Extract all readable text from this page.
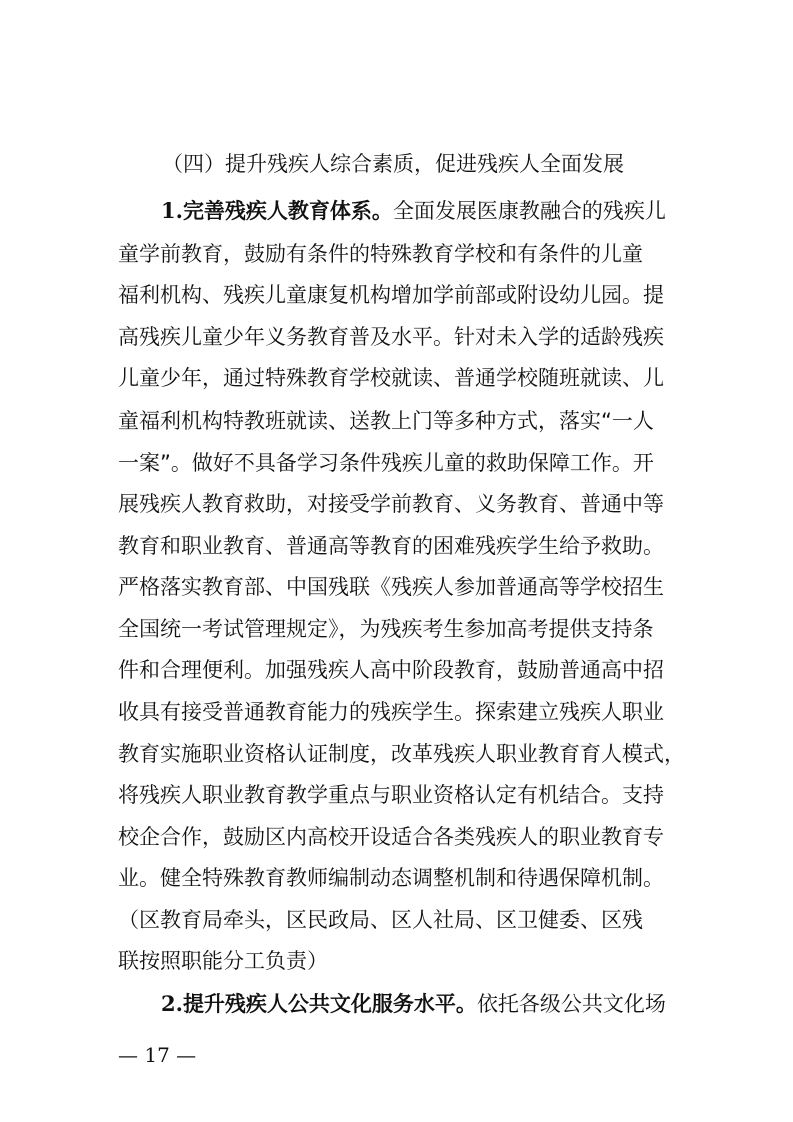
（四）提升残疾人综合素质，促进残疾人全面发展
1.完善残疾人教育体系。全面发展医康教融合的残疾儿
童学前教育，鼓励有条件的特殊教育学校和有条件的儿童
福利机构、残疾儿童康复机构增加学前部或附设幼儿园。提
高残疾儿童少年义务教育普及水平。针对未入学的适龄残疾
儿童少年，通过特殊教育学校就读、普通学校随班就读、儿
童福利机构特教班就读、送教上门等多种方式，落实“一人
一案”。做好不具备学习条件残疾儿童的救助保障工作。开
展残疾人教育救助，对接受学前教育、义务教育、普通中等
教育和职业教育、普通高等教育的困难残疾学生给予救助。
严格落实教育部、中国残联《残疾人参加普通高等学校招生
全国统一考试管理规定》，为残疾考生参加高考提供支持条
件和合理便利。加强残疾人高中阶段教育，鼓励普通高中招
收具有接受普通教育能力的残疾学生。探索建立残疾人职业
教育实施职业资格认证制度，改革残疾人职业教育育人模式，
将残疾人职业教育教学重点与职业资格认定有机结合。支持
校企合作，鼓励区内高校开设适合各类残疾人的职业教育专
业。健全特殊教育教师编制动态调整机制和待遇保障机制。
（区教育局牵头，区民政局、区人社局、区卫健委、区残
联按照职能分工负责）
2.提升残疾人公共文化服务水平。依托各级公共文化场
— 17 —
